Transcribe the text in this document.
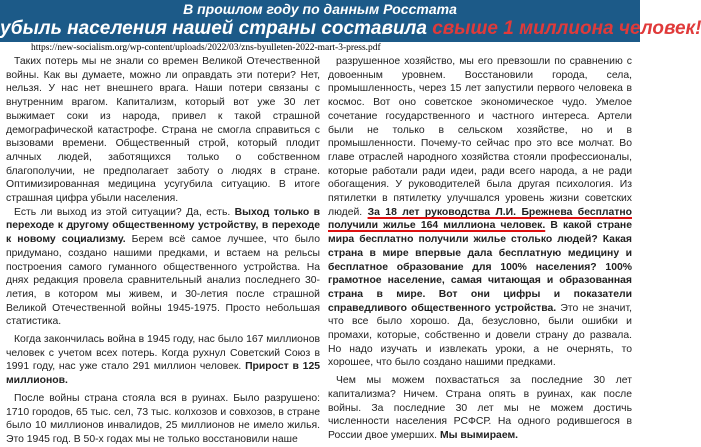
В прошлом году по данным Росстата
убыль населения нашей страны составила свыше 1 миллиона человек!
https://new-socialism.org/wp-content/uploads/2022/03/zns-byulleten-2022-mart-3-press.pdf

Таких потерь мы не знали со времен Великой Отечественной войны. Как вы думаете, можно ли оправдать эти потери? Нет, нельзя. У нас нет внешнего врага. Наши потери связаны с внутренним врагом. Капитализм, который вот уже 30 лет выжимает соки из народа, привел к такой страшной демографической катастрофе. Страна не смогла справиться с вызовами времени. Общественный строй, который плодит алчных людей, заботящихся только о собственном благополучии, не предполагает заботу о людях в стране. Оптимизированная медицина усугубила ситуацию. В итоге страшная цифра убыли населения.

Есть ли выход из этой ситуации? Да, есть. Выход только в переходе к другому общественному устройству, в переходе к новому социализму. Берем всё самое лучшее, что было придумано, создано нашими предками, и встаем на рельсы построения самого гуманного общественного устройства. На днях редакция провела сравнительный анализ последнего 30-летия, в котором мы живем, и 30-летия после страшной Великой Отечественной войны 1945-1975. Просто небольшая статистика.

Когда закончилась война в 1945 году, нас было 167 миллионов человек с учетом всех потерь. Когда рухнул Советский Союз в 1991 году, нас уже стало 291 миллион человек. Прирост в 125 миллионов.

После войны страна стояла вся в руинах. Было разрушено: 1710 городов, 65 тыс. сел, 73 тыс. колхозов и совхозов, в стране было 10 миллионов инвалидов, 25 миллионов не имело жилья. Это 1945 год. В 50-х годах мы не только восстановили наше

разрушенное хозяйство, мы его превзошли по сравнению с довоенным уровнем. Восстановили города, села, промышленность, через 15 лет запустили первого человека в космос. Вот оно советское экономическое чудо. Умелое сочетание государственного и частного интереса. Артели были не только в сельском хозяйстве, но и в промышленности. Почему-то сейчас про это все молчат. Во главе отраслей народного хозяйства стояли профессионалы, которые работали ради идеи, ради всего народа, а не ради обогащения. У руководителей была другая психология. Из пятилетки в пятилетку улучшался уровень жизни советских людей. За 18 лет руководства Л.И. Брежнева бесплатно получили жилье 164 миллиона человек. В какой стране мира бесплатно получили жилье столько людей? Какая страна в мире впервые дала бесплатную медицину и бесплатное образование для 100% населения? 100% грамотное население, самая читающая и образованная страна в мире. Вот они цифры и показатели справедливого общественного устройства. Это не значит, что все было хорошо. Да, безусловно, были ошибки и промахи, которые, собственно и довели страну до развала. Но надо изучать и извлекать уроки, а не очернять, то хорошее, что было создано нашими предками.

Чем мы можем похвастаться за последние 30 лет капитализма? Ничем. Страна опять в руинах, как после войны. За последние 30 лет мы не можем достичь численности населения РСФСР. На одного родившегося в России двое умерших. Мы вымираем.
